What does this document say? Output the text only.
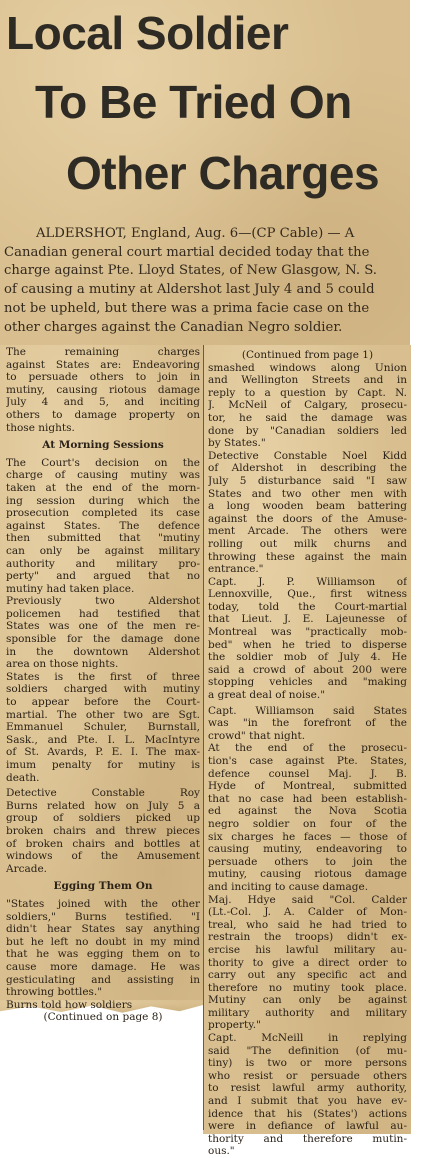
Local Soldier
To Be Tried On
Other Charges
ALDERSHOT, England, Aug. 6—(CP Cable) — A
Canadian general court martial decided today that the
charge against Pte. Lloyd States, of New Glasgow, N. S.
of causing a mutiny at Aldershot last July 4 and 5 could
not be upheld, but there was a prima facie case on the
other charges against the Canadian Negro soldier.
The remaining charges
against States are: Endeavoring
to persuade others to join in
mutiny, causing riotous damage
July 4 and 5, and inciting
others to damage property on
those nights.
At Morning Sessions
The Court's decision on the
charge of causing mutiny was
taken at the end of the morn-
ing session during which the
prosecution completed its case
against States. The defence
then submitted that "mutiny
can only be against military
authority and military pro-
perty" and argued that no
mutiny had taken place.
Previously two Aldershot
policemen had testified that
States was one of the men re-
sponsible for the damage done
in the downtown Aldershot
area on those nights.
States is the first of three
soldiers charged with mutiny
to appear before the Court-
martial. The other two are Sgt.
Emmanuel Schuler, Burnstall,
Sask., and Pte. I. L. MacIntyre
of St. Avards, P. E. I. The max-
imum penalty for mutiny is
death.
Detective Constable Roy
Burns related how on July 5 a
group of soldiers picked up
broken chairs and threw pieces
of broken chairs and bottles at
windows of the Amusement
Arcade.
Egging Them On
"States joined with the other
soldiers," Burns testified. "I
didn't hear States say anything
but he left no doubt in my mind
that he was egging them on to
cause more damage. He was
gesticulating and assisting in
throwing bottles."
Burns told how soldiers
(Continued on page 8)
(Continued from page 1)
smashed windows along Union
and Wellington Streets and in
reply to a question by Capt. N.
J. McNeil of Calgary, prosecu-
tor, he said the damage was
done by "Canadian soldiers led
by States."
Detective Constable Noel Kidd
of Aldershot in describing the
July 5 disturbance said "I saw
States and two other men with
a long wooden beam battering
against the doors of the Amuse-
ment Arcade. The others were
rolling out milk churns and
throwing these against the main
entrance."
Capt. J. P. Williamson of
Lennoxville, Que., first witness
today, told the Court-martial
that Lieut. J. E. Lajeunesse of
Montreal was "practically mob-
bed" when he tried to disperse
the soldier mob of July 4. He
said a crowd of about 200 were
stopping vehicles and "making
a great deal of noise."
Capt. Williamson said States
was "in the forefront of the
crowd" that night.
At the end of the prosecu-
tion's case against Pte. States,
defence counsel Maj. J. B.
Hyde of Montreal, submitted
that no case had been establish-
ed against the Nova Scotia
negro soldier on four of the
six charges he faces — those of
causing mutiny, endeavoring to
persuade others to join the
mutiny, causing riotous damage
and inciting to cause damage.
Maj. Hdye said "Col. Calder
(Lt.-Col. J. A. Calder of Mon-
treal, who said he had tried to
restrain the troops) didn't ex-
ercise his lawful military au-
thority to give a direct order to
carry out any specific act and
therefore no mutiny took place.
Mutiny can only be against
military authority and military
property."
Capt. McNeill in replying
said "The definition (of mu-
tiny) is two or more persons
who resist or persuade others
to resist lawful army authority,
and I submit that you have ev-
idence that his (States') actions
were in defiance of lawful au-
thority and therefore mutin-
ous."
